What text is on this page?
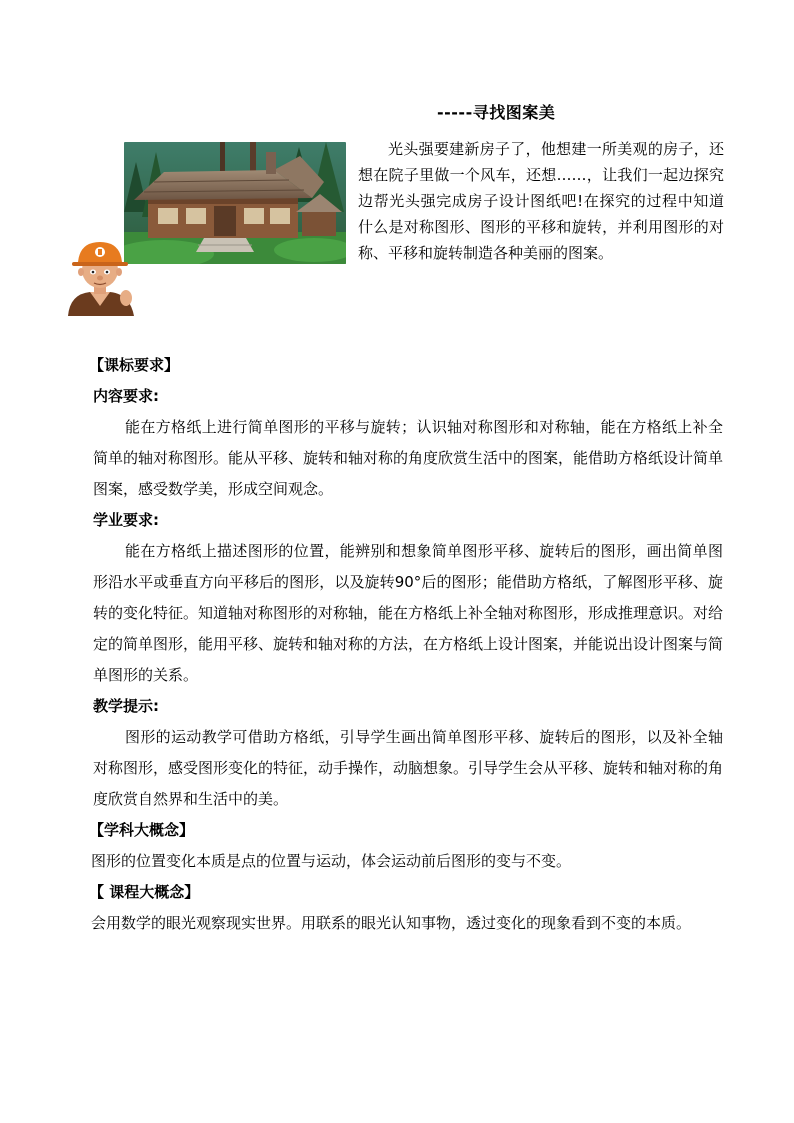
-----寻找图案美
光头强要建新房子了，他想建一所美观的房子，还想在院子里做一个风车，还想……，让我们一起边探究边帮光头强完成房子设计图纸吧!在探究的过程中知道什么是对称图形、图形的平移和旋转，并利用图形的对称、平移和旋转制造各种美丽的图案。
【课标要求】
内容要求:
能在方格纸上进行简单图形的平移与旋转；认识轴对称图形和对称轴，能在方格纸上补全简单的轴对称图形。能从平移、旋转和轴对称的角度欣赏生活中的图案，能借助方格纸设计简单图案，感受数学美，形成空间观念。
学业要求:
能在方格纸上描述图形的位置，能辨别和想象简单图形平移、旋转后的图形，画出简单图形沿水平或垂直方向平移后的图形，以及旋转90°后的图形；能借助方格纸，了解图形平移、旋转的变化特征。知道轴对称图形的对称轴，能在方格纸上补全轴对称图形，形成推理意识。对给定的简单图形，能用平移、旋转和轴对称的方法，在方格纸上设计图案，并能说出设计图案与简单图形的关系。
教学提示:
图形的运动教学可借助方格纸，引导学生画出简单图形平移、旋转后的图形，以及补全轴对称图形，感受图形变化的特征，动手操作，动脑想象。引导学生会从平移、旋转和轴对称的角度欣赏自然界和生活中的美。
【学科大概念】
图形的位置变化本质是点的位置与运动，体会运动前后图形的变与不变。
【 课程大概念】
会用数学的眼光观察现实世界。用联系的眼光认知事物，透过变化的现象看到不变的本质。
